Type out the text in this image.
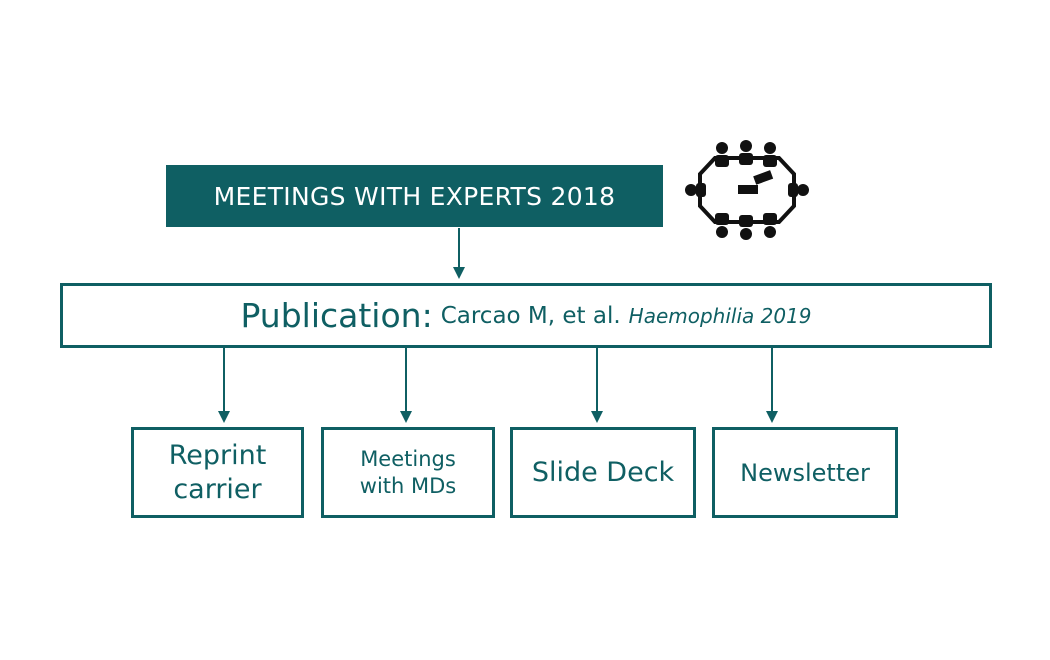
MEETINGS WITH EXPERTS 2018
Publication: Carcao M, et al. Haemophilia 2019
Reprint
carrier
Meetings
with MDs	Slide Deck	Newsletter
